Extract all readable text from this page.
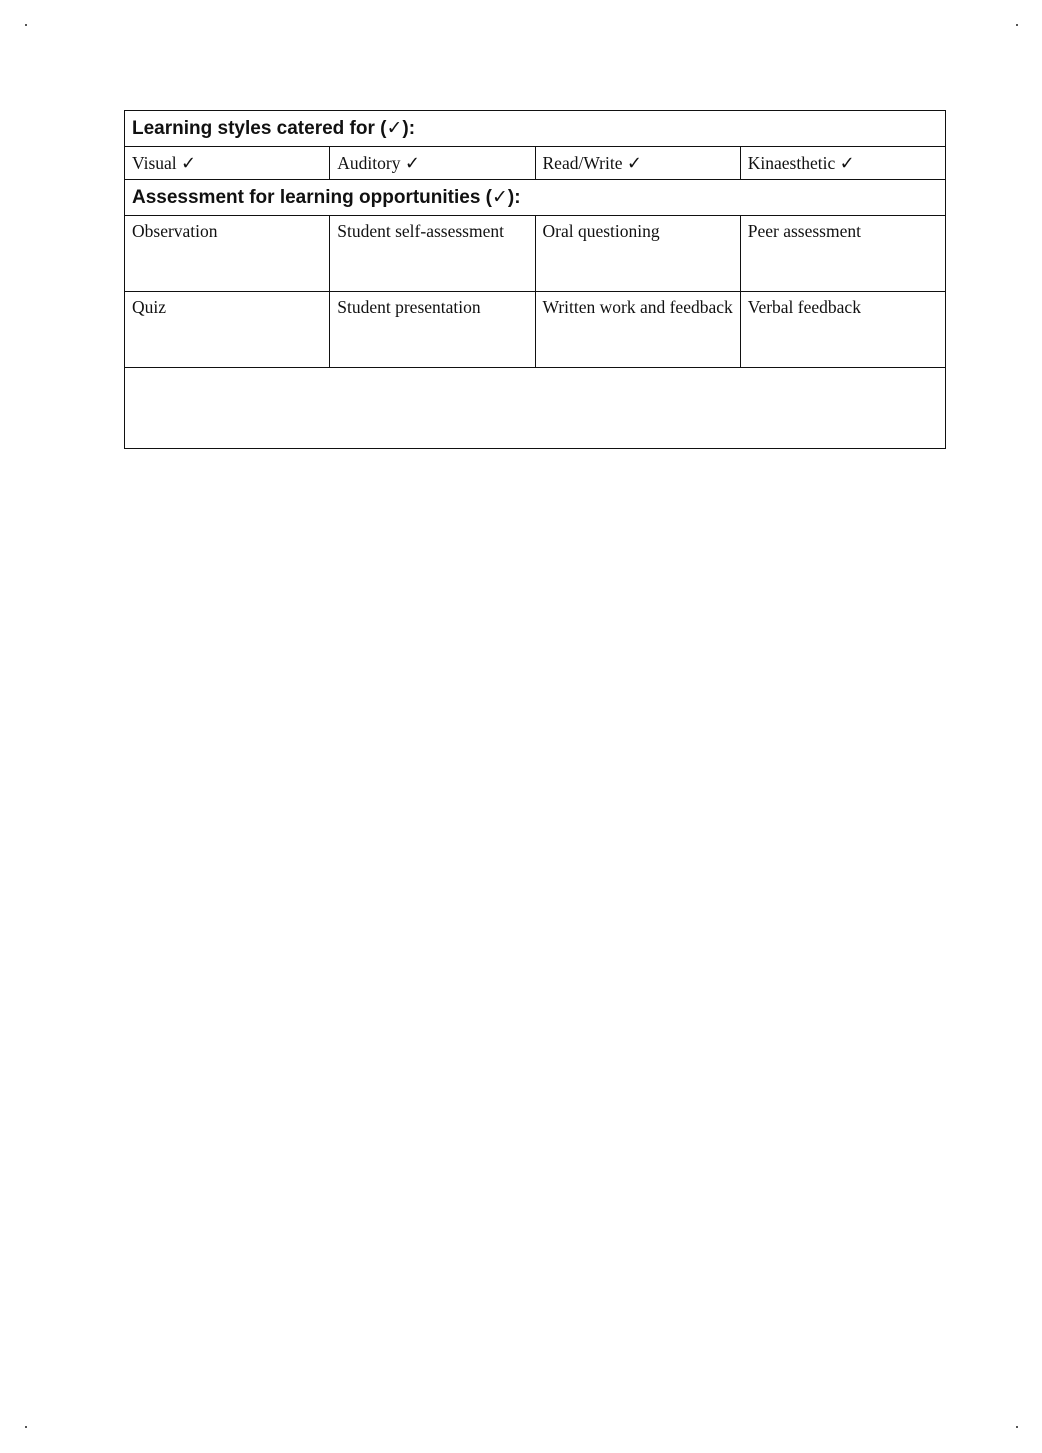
Learning styles catered for (✓):			
Visual ✓	Auditory ✓	Read/Write ✓	Kinaesthetic ✓
Assessment for learning opportunities (✓):			
Observation	Student self-assessment	Oral questioning	Peer assessment
Quiz	Student presentation	Written work and feedback	Verbal feedback
